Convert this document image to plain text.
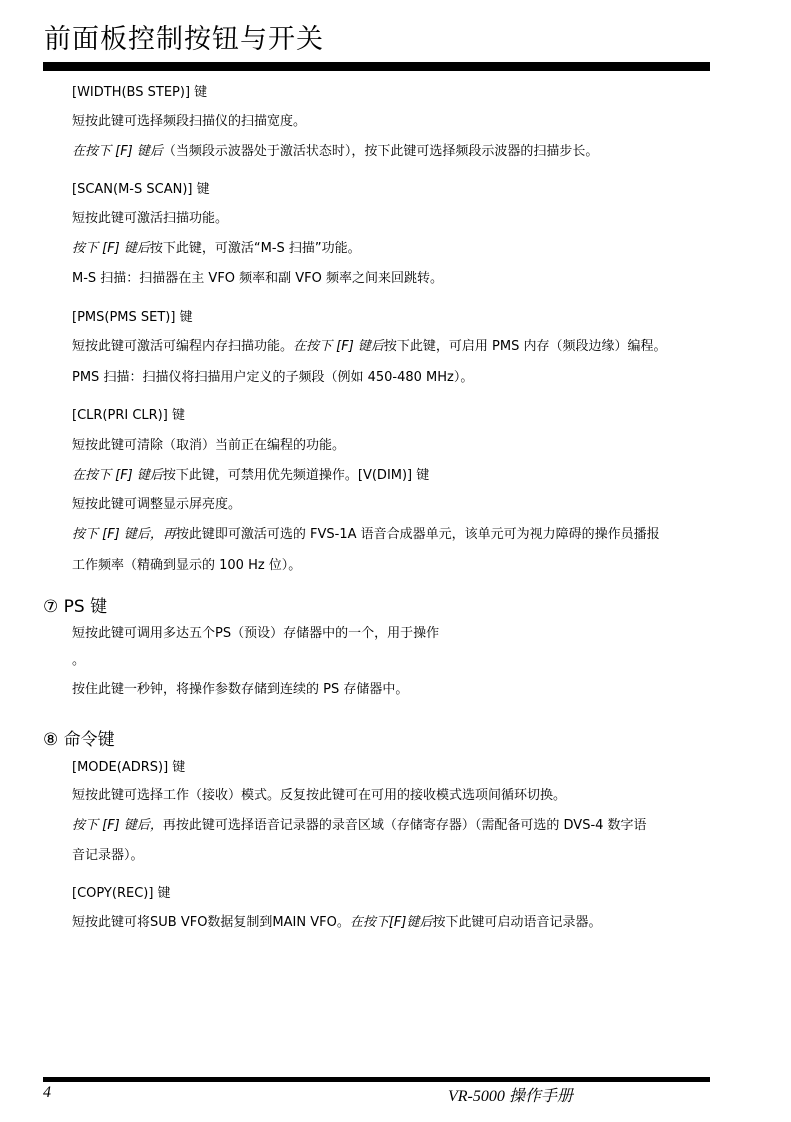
前面板控制按钮与开关
[WIDTH(BS STEP)] 键
短按此键可选择频段扫描仪的扫描宽度。
在按下 [F] 键后（当频段示波器处于激活状态时），按下此键可选择频段示波器的扫描步长。
[SCAN(M-S SCAN)] 键
短按此键可激活扫描功能。
按下 [F] 键后按下此键，可激活“M-S 扫描”功能。
M-S 扫描：扫描器在主 VFO 频率和副 VFO 频率之间来回跳转。
[PMS(PMS SET)] 键
短按此键可激活可编程内存扫描功能。在按下 [F] 键后按下此键，可启用 PMS 内存（频段边缘）编程。
PMS 扫描：扫描仪将扫描用户定义的子频段（例如 450-480 MHz）。
[CLR(PRI CLR)] 键
短按此键可清除（取消）当前正在编程的功能。
在按下 [F] 键后按下此键，可禁用优先频道操作。[V(DIM)] 键
短按此键可调整显示屏亮度。
按下 [F] 键后，再按此键即可激活可选的 FVS-1A 语音合成器单元，该单元可为视力障碍的操作员播报
工作频率（精确到显示的 100 Hz 位）。
⑦ PS 键
短按此键可调用多达五个PS（预设）存储器中的一个，用于操作
。
按住此键一秒钟，将操作参数存储到连续的 PS 存储器中。
⑧ 命令键
[MODE(ADRS)] 键
短按此键可选择工作（接收）模式。反复按此键可在可用的接收模式选项间循环切换。
按下 [F] 键后，再按此键可选择语音记录器的录音区域（存储寄存器）（需配备可选的 DVS-4 数字语
音记录器）。
[COPY(REC)] 键
短按此键可将SUB VFO数据复制到MAIN VFO。在按下[F]键后按下此键可启动语音记录器。
4	VR-5000 操作手册
